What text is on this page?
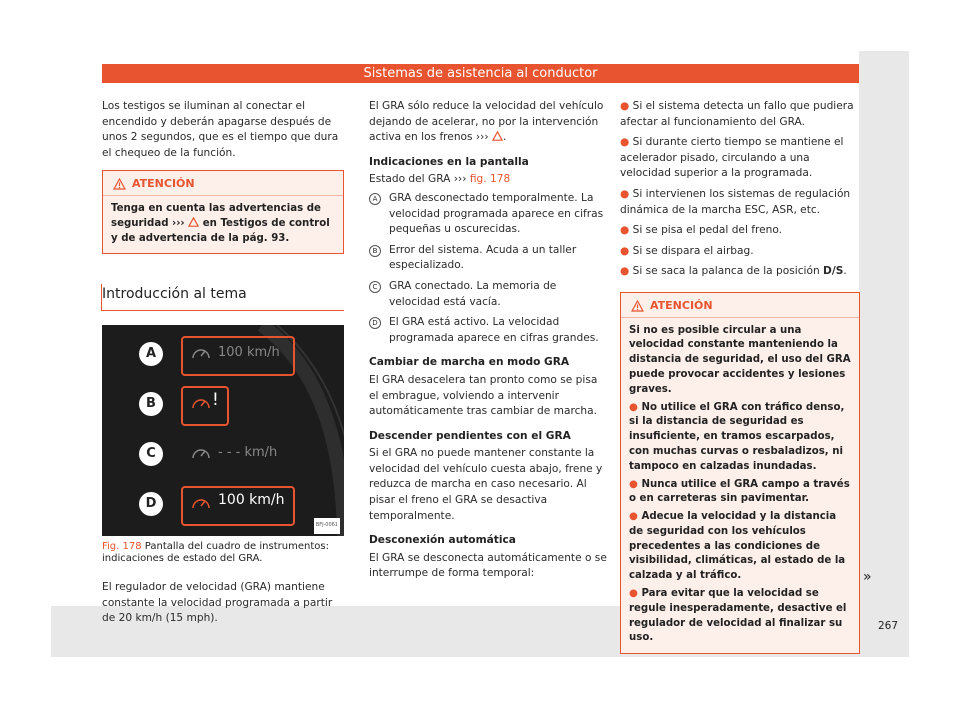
Sistemas de asistencia al conductor

Los testigos se iluminan al conectar el encendido y deberán apagarse después de unos 2 segundos, que es el tiempo que dura el chequeo de la función.

ATENCIÓN
Tenga en cuenta las advertencias de seguridad ››› en Testigos de control y de advertencia de la pág. 93.
Introducción al tema
A	100 km/h
B	!
C	- - - km/h
D	100 km/h
BFJ-0061
Fig. 178 Pantalla del cuadro de instrumentos: indicaciones de estado del GRA.

El regulador de velocidad (GRA) mantiene constante la velocidad programada a partir de 20 km/h (15 mph).

El GRA sólo reduce la velocidad del vehículo dejando de acelerar, no por la intervención activa en los frenos ››› .

Indicaciones en la pantalla
Estado del GRA ››› fig. 178
A	GRA desconectado temporalmente. La velocidad programada aparece en cifras pequeñas u oscurecidas.
B	Error del sistema. Acuda a un taller especializado.
C	GRA conectado. La memoria de velocidad está vacía.
D	El GRA está activo. La velocidad programada aparece en cifras grandes.
Cambiar de marcha en modo GRA

El GRA desacelera tan pronto como se pisa el embrague, volviendo a intervenir automáticamente tras cambiar de marcha.

Descender pendientes con el GRA

Si el GRA no puede mantener constante la velocidad del vehículo cuesta abajo, frene y reduzca de marcha en caso necesario. Al pisar el freno el GRA se desactiva temporalmente.

Desconexión automática

El GRA se desconecta automáticamente o se interrumpe de forma temporal:

● Si el sistema detecta un fallo que pudiera afectar al funcionamiento del GRA.
● Si durante cierto tiempo se mantiene el acelerador pisado, circulando a una velocidad superior a la programada.
● Si intervienen los sistemas de regulación dinámica de la marcha ESC, ASR, etc.
● Si se pisa el pedal del freno.
● Si se dispara el airbag.
● Si se saca la palanca de la posición D/S.
ATENCIÓN
Si no es posible circular a una velocidad constante manteniendo la distancia de seguridad, el uso del GRA puede provocar accidentes y lesiones graves.
● No utilice el GRA con tráfico denso, si la distancia de seguridad es insuficiente, en tramos escarpados, con muchas curvas o resbaladizos, ni tampoco en calzadas inundadas.
● Nunca utilice el GRA campo a través o en carreteras sin pavimentar.
● Adecue la velocidad y la distancia de seguridad con los vehículos precedentes a las condiciones de visibilidad, climáticas, al estado de la calzada y al tráfico.
● Para evitar que la velocidad se regule inesperadamente, desactive el regulador de velocidad al finalizar su uso.
»
267
